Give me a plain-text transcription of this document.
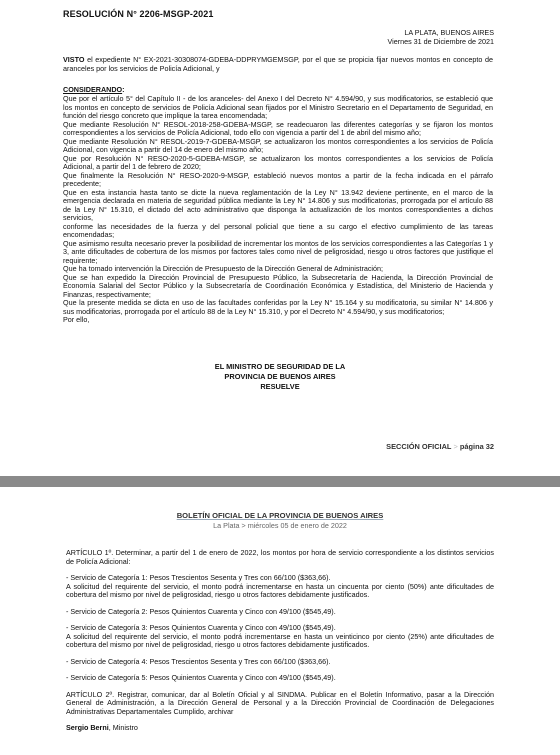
RESOLUCIÓN N° 2206-MSGP-2021
LA PLATA, BUENOS AIRES
Viernes 31 de Diciembre de 2021
VISTO el expediente N° EX-2021-30308074-GDEBA-DDPRYMGEMSGP, por el que se propicia fijar nuevos montos en concepto de aranceles por los servicios de Policía Adicional, y
CONSIDERANDO:

Que por el artículo 5° del Capítulo II - de los aranceles- del Anexo I del Decreto N° 4.594/90, y sus modificatorios, se estableció que los montos en concepto de servicios de Policía Adicional sean fijados por el Ministro Secretario en el Departamento de Seguridad, en función del riesgo concreto que implique la tarea encomendada;

Que mediante Resolución N° RESOL-2018-258-GDEBA-MSGP, se readecuaron las diferentes categorías y se fijaron los montos correspondientes a los servicios de Policía Adicional, todo ello con vigencia a partir del 1 de abril del mismo año;

Que mediante Resolución N° RESOL-2019-7-GDEBA-MSGP, se actualizaron los montos correspondientes a los servicios de Policía Adicional, con vigencia a partir del 14 de enero del mismo año;

Que por Resolución N° RESO-2020-5-GDEBA-MSGP, se actualizaron los montos correspondientes a los servicios de Policía Adicional, a partir del 1 de febrero de 2020;

Que finalmente la Resolución N° RESO-2020-9-MSGP, estableció nuevos montos a partir de la fecha indicada en el párrafo precedente;

Que en esta instancia hasta tanto se dicte la nueva reglamentación de la Ley N° 13.942 deviene pertinente, en el marco de la emergencia declarada en materia de seguridad pública mediante la Ley N° 14.806 y sus modificatorias, prorrogada por el artículo 88 de la Ley N° 15.310, el dictado del acto administrativo que disponga la actualización de los montos correspondientes a dichos servicios,

conforme las necesidades de la fuerza y del personal policial que tiene a su cargo el efectivo cumplimiento de las tareas encomendadas;

Que asimismo resulta necesario prever la posibilidad de incrementar los montos de los servicios correspondientes a las Categorías 1 y 3, ante dificultades de cobertura de los mismos por factores tales como nivel de peligrosidad, riesgo u otros factores que justifique el requirente;

Que ha tomado intervención la Dirección de Presupuesto de la Dirección General de Administración;

Que se han expedido la Dirección Provincial de Presupuesto Público, la Subsecretaría de Hacienda, la Dirección Provincial de Economía Salarial del Sector Público y la Subsecretaría de Coordinación Económica y Estadística, del Ministerio de Hacienda y Finanzas, respectivamente;

Que la presente medida se dicta en uso de las facultades conferidas por la Ley N° 15.164 y su modificatoria, su similar N° 14.806 y sus modificatorias, prorrogada por el artículo 88 de la Ley N° 15.310, y por el Decreto N° 4.594/90, y sus modificatorios;

Por ello,

EL MINISTRO DE SEGURIDAD DE LA
PROVINCIA DE BUENOS AIRES
RESUELVE
SECCIÓN OFICIAL > página 32
BOLETÍN OFICIAL DE LA PROVINCIA DE BUENOS AIRES
La Plata > miércoles 05 de enero de 2022

ARTÍCULO 1º. Determinar, a partir del 1 de enero de 2022, los montos por hora de servicio correspondiente a los distintos servicios de Policía Adicional:

- Servicio de Categoría 1: Pesos Trescientos Sesenta y Tres con 66/100 ($363,66).

A solicitud del requirente del servicio, el monto podrá incrementarse en hasta un cincuenta por ciento (50%) ante dificultades de cobertura del mismo por nivel de peligrosidad, riesgo u otros factores debidamente justificados.

- Servicio de Categoría 2: Pesos Quinientos Cuarenta y Cinco con 49/100 ($545,49).

- Servicio de Categoría 3: Pesos Quinientos Cuarenta y Cinco con 49/100 ($545,49).

A solicitud del requirente del servicio, el monto podrá incrementarse en hasta un veinticinco por ciento (25%) ante dificultades de cobertura del mismo por nivel de peligrosidad, riesgo u otros factores debidamente justificados.

- Servicio de Categoría 4: Pesos Trescientos Sesenta y Tres con 66/100 ($363,66).

- Servicio de Categoría 5: Pesos Quinientos Cuarenta y Cinco con 49/100 ($545,49).

ARTÍCULO 2º. Registrar, comunicar, dar al Boletín Oficial y al SINDMA. Publicar en el Boletín Informativo, pasar a la Dirección General de Administración, a la Dirección General de Personal y a la Dirección Provincial de Coordinación de Delegaciones Administrativas Departamentales Cumplido, archivar

Sergio Berni, Ministro
